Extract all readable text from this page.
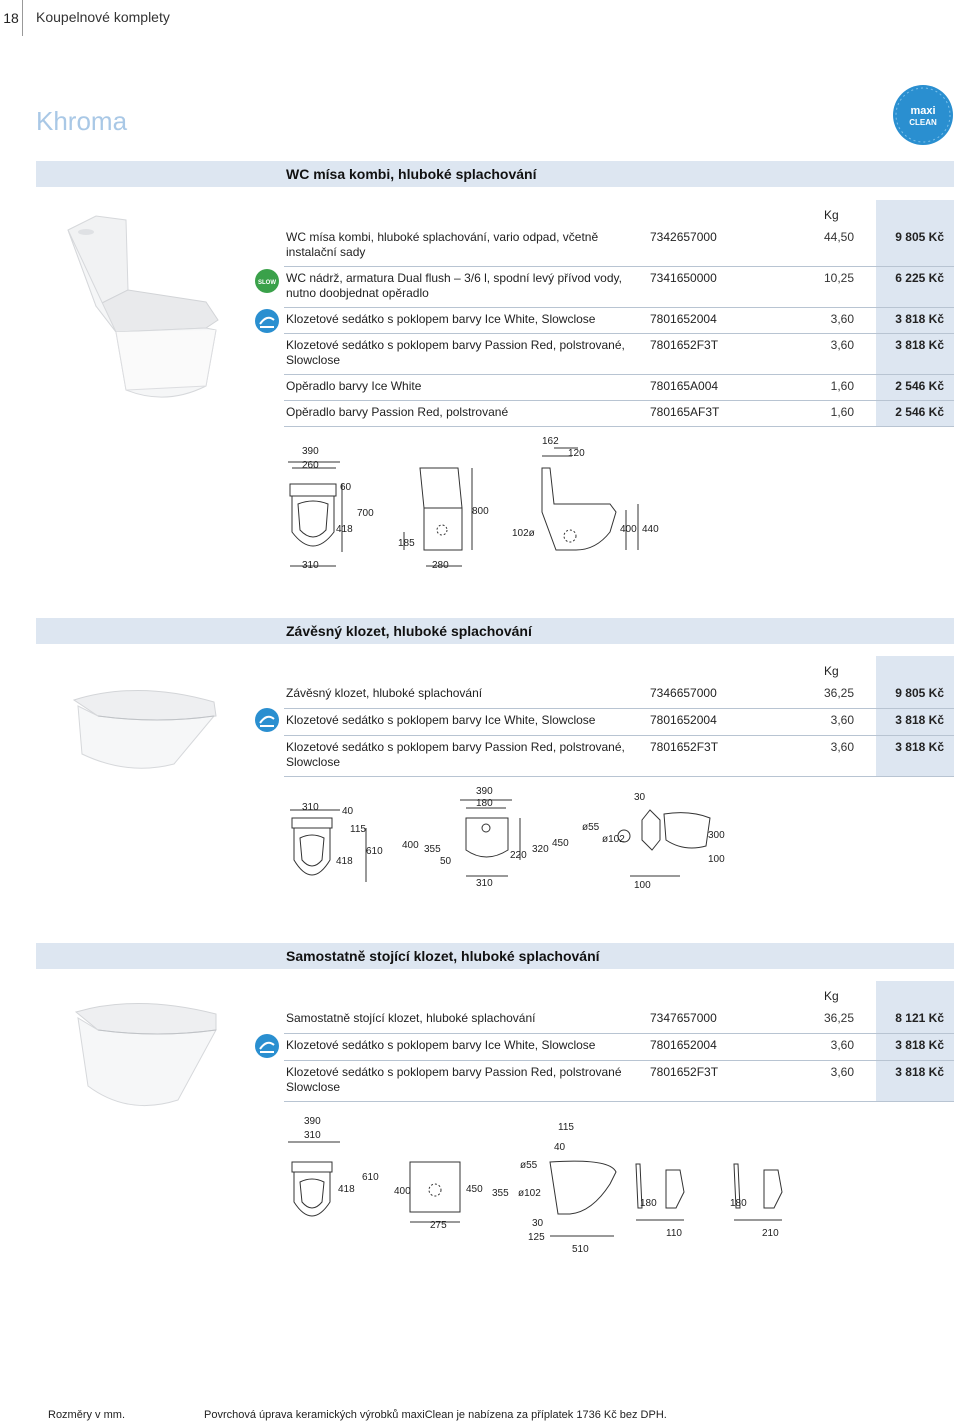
18	Koupelnové komplety
Khroma	maxi
CLEAN
WC mísa kombi, hluboké splachování
SLOW
Kg
WC mísa kombi, hluboké splachování, vario odpad, včetně instalační sady
7342657000	44,50	9 805 Kč
WC nádrž, armatura Dual flush – 3/6 l, spodní levý přívod vody, nutno doobjednat opěradlo
7341650000	10,25	6 225 Kč
Klozetové sedátko s poklopem barvy Ice White, Slowclose	7801652004	3,60	3 818 Kč
Klozetové sedátko s poklopem barvy Passion Red, polstrované, Slowclose
7801652F3T	3,60	3 818 Kč
Opěradlo barvy Ice White	780165A004	1,60	2 546 Kč
Opěradlo barvy Passion Red, polstrované	780165AF3T	1,60	2 546 Kč
390
260
60
700
418
310
185
280
800
162
120
102ø	400 440
Závěsný klozet, hluboké splachování
Kg
Závěsný klozet, hluboké splachování	7346657000	36,25	9 805 Kč
Klozetové sedátko s poklopem barvy Ice White, Slowclose	7801652004	3,60	3 818 Kč
Klozetové sedátko s poklopem barvy Passion Red, polstrované, Slowclose
7801652F3T	3,60	3 818 Kč
310 40
115
418
610
400 355
50
390
180
220
320
450
310
30
ø55
ø102	300
100
100
Samostatně stojící klozet, hluboké splachování
Kg
Samostatně stojící klozet, hluboké splachování	7347657000	36,25	8 121 Kč
Klozetové sedátko s poklopem barvy Ice White, Slowclose	7801652004	3,60	3 818 Kč
Klozetové sedátko s poklopem barvy Passion Red, polstrované Slowclose
7801652F3T	3,60	3 818 Kč
390
310
418
610
400	450
275
115
40
ø55
355 ø102
30
125
510
180	180
110	210
Rozměry v mm.	Povrchová úprava keramických výrobků maxiClean je nabízena za příplatek 1736 Kč bez DPH.
